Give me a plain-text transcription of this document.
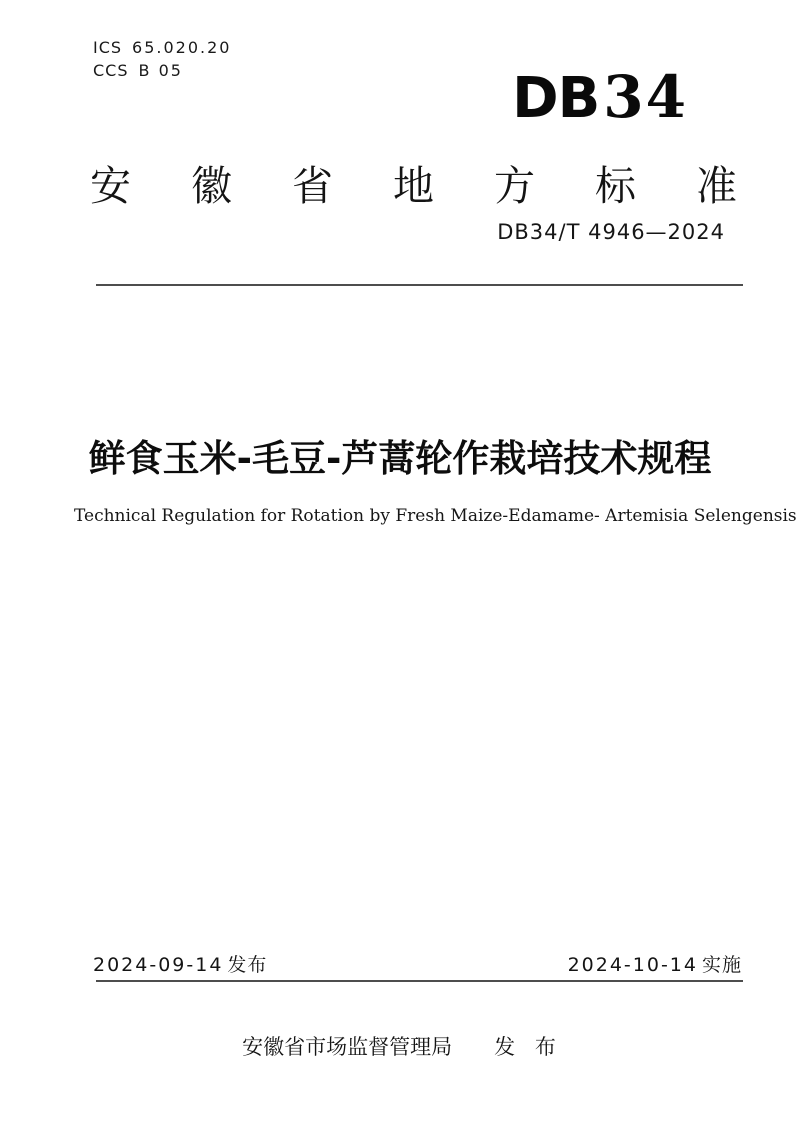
ICS 65.020.20
CCS B 05	DB34
安 徽 省 地 方 标 准
DB34/T 4946—2024
鲜食玉米-毛豆-芦蒿轮作栽培技术规程
Technical Regulation for Rotation by Fresh Maize-Edamame- Artemisia Selengensis
2024-09-14 发布	2024-10-14 实施
安徽省市场监督管理局 发 布
